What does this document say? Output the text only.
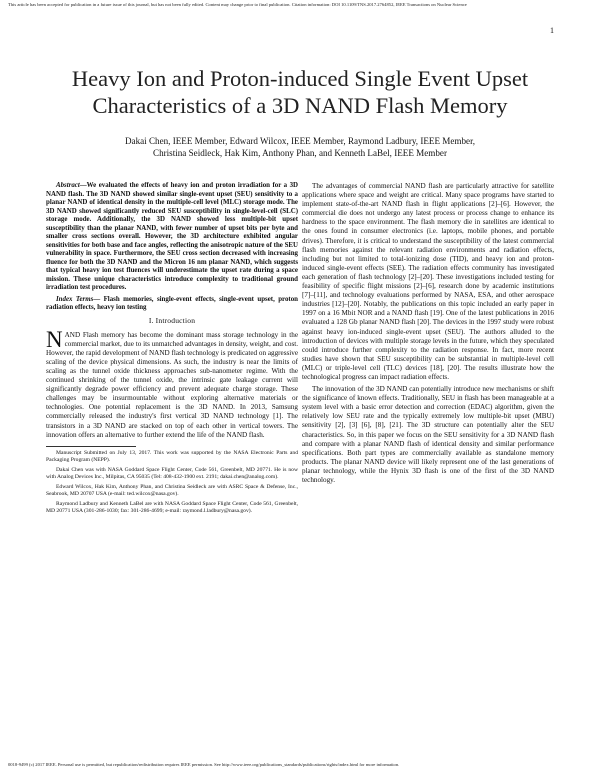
This article has been accepted for publication in a future issue of this journal, but has not been fully edited. Content may change prior to final publication. Citation information: DOI 10.1109/TNS.2017.2764852, IEEE Transactions on Nuclear Science
1
Heavy Ion and Proton-induced Single Event Upset Characteristics of a 3D NAND Flash Memory
Dakai Chen, IEEE Member, Edward Wilcox, IEEE Member, Raymond Ladbury, IEEE Member,
Christina Seidleck, Hak Kim, Anthony Phan, and Kenneth LaBel, IEEE Member

Abstract—We evaluated the effects of heavy ion and proton irradiation for a 3D NAND flash. The 3D NAND showed similar single-event upset (SEU) sensitivity to a planar NAND of identical density in the multiple-cell level (MLC) storage mode. The 3D NAND showed significantly reduced SEU susceptibility in single-level-cell (SLC) storage mode. Additionally, the 3D NAND showed less multiple-bit upset susceptibility than the planar NAND, with fewer number of upset bits per byte and smaller cross sections overall. However, the 3D architecture exhibited angular sensitivities for both base and face angles, reflecting the anisotropic nature of the SEU vulnerability in space. Furthermore, the SEU cross section decreased with increasing fluence for both the 3D NAND and the Micron 16 nm planar NAND, which suggests that typical heavy ion test fluences will underestimate the upset rate during a space mission. These unique characteristics introduce complexity to traditional ground irradiation test procedures.

Index Terms— Flash memories, single-event effects, single-event upset, proton radiation effects, heavy ion testing

I. Introduction

NAND Flash memory has become the dominant mass storage technology in the commercial market, due to its unmatched advantages in density, weight, and cost. However, the rapid development of NAND flash technology is predicated on aggressive scaling of the device physical dimensions. As such, the industry is near the limits of scaling as the tunnel oxide thickness approaches sub-nanometer regime. With the continued shrinking of the tunnel oxide, the intrinsic gate leakage current will significantly degrade power efficiency and prevent adequate charge storage. These challenges may be insurmountable without exploring alternative materials or technologies. One potential replacement is the 3D NAND. In 2013, Samsung commercially released the industry's first vertical 3D NAND technology [1]. The transistors in a 3D NAND are stacked on top of each other in vertical towers. The innovation offers an alternative to further extend the life of the NAND flash.

Manuscript Submitted on July 13, 2017. This work was supported by the NASA Electronic Parts and Packaging Program (NEPP).

Dakai Chen was with NASA Goddard Space Flight Center, Code 561, Greenbelt, MD 20771. He is now with Analog Devices Inc., Milpitas, CA 95035 (Tel: 408-432-1900 ext. 2191; dakai.chen@analog.com).

Edward Wilcox, Hak Kim, Anthony Phan, and Christina Seidleck are with ASRC Space & Defense, Inc., Seabrook, MD 20707 USA (e-mail: ted.wilcox@nasa.gov).

Raymond Ladbury and Kenneth LaBel are with NASA Goddard Space Flight Center, Code 561, Greenbelt, MD 20771 USA (301-286-1030; fax: 301-286-4699; e-mail: raymond.l.ladbury@nasa.gov).

The advantages of commercial NAND flash are particularly attractive for satellite applications where space and weight are critical. Many space programs have started to implement state-of-the-art NAND flash in flight applications [2]–[6]. However, the commercial die does not undergo any latest process or process change to enhance its hardness to the space environment. The flash memory die in satellites are identical to the ones found in consumer electronics (i.e. laptops, mobile phones, and portable drives). Therefore, it is critical to understand the susceptibility of the latest commercial flash memories against the relevant radiation environments and radiation effects, including but not limited to total-ionizing dose (TID), and heavy ion and proton-induced single-event effects (SEE). The radiation effects community has investigated each generation of flash technology [2]–[20]. These investigations included testing for feasibility of specific flight missions [2]–[6], research done by academic institutions [7]–[11], and technology evaluations performed by NASA, ESA, and other aerospace industries [12]–[20]. Notably, the publications on this topic included an early paper in 1997 on a 16 Mbit NOR and a NAND flash [19]. One of the latest publications in 2016 evaluated a 128 Gb planar NAND flash [20]. The devices in the 1997 study were robust against heavy ion-induced single-event upset (SEU). The authors alluded to the introduction of devices with multiple storage levels in the future, which they speculated could introduce further complexity to the radiation response. In fact, more recent studies have shown that SEU susceptibility can be substantial in multiple-level cell (MLC) or triple-level cell (TLC) devices [18], [20]. The results illustrate how the technological progress can impact radiation effects.

The innovation of the 3D NAND can potentially introduce new mechanisms or shift the significance of known effects. Traditionally, SEU in flash has been manageable at a system level with a basic error detection and correction (EDAC) algorithm, given the relatively low SEU rate and the typically extremely low multiple-bit upset (MBU) sensitivity [2], [3] [6], [8], [21]. The 3D structure can potentially alter the SEU characteristics. So, in this paper we focus on the SEU sensitivity for a 3D NAND flash and compare with a planar NAND flash of identical density and similar performance specifications. Both part types are commercially available as standalone memory products. The planar NAND device will likely represent one of the last generations of planar technology, while the Hynix 3D flash is one of the first of the 3D NAND technology.

0018-9499 (c) 2017 IEEE. Personal use is permitted, but republication/redistribution requires IEEE permission. See http://www.ieee.org/publications_standards/publications/rights/index.html for more information.
